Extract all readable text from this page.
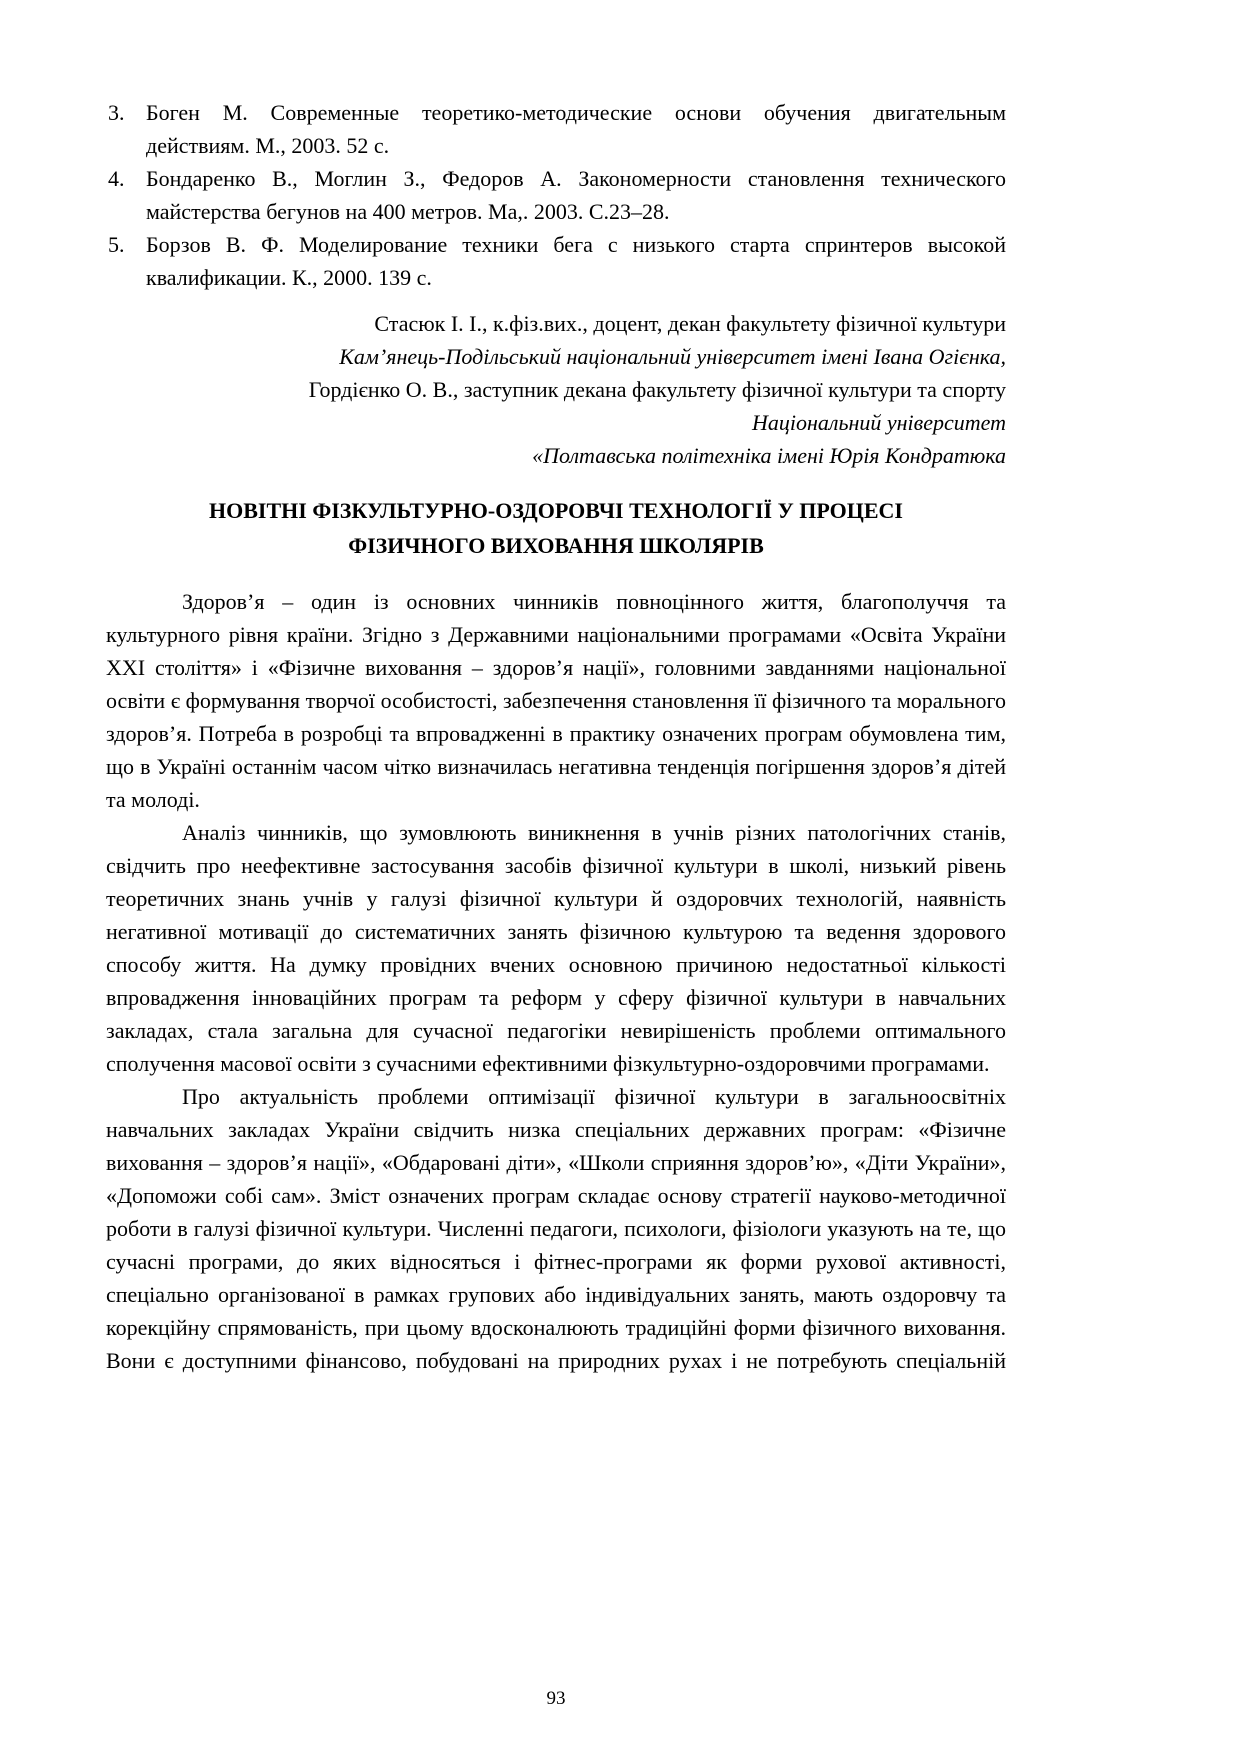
3. Боген М. Современные теоретико-методические основи обучения двигательным действиям. М., 2003. 52 с.
4. Бондаренко В., Моглин З., Федоров А. Закономерности становлення технического майстерства бегунов на 400 метров. Ма,. 2003. С.23–28.
5. Борзов В. Ф. Моделирование техники бега с низького старта спринтеров высокой квалификации. К., 2000. 139 с.
Стасюк І. І., к.фіз.вих., доцент, декан факультету фізичної культури
Кам’янець-Подільський національний університет імені Івана Огієнка,
Гордієнко О. В., заступник декана факультету фізичної культури та спорту
Національний університет
«Полтавська політехніка імені Юрія Кондратюка
НОВІТНІ ФІЗКУЛЬТУРНО-ОЗДОРОВЧІ ТЕХНОЛОГІЇ У ПРОЦЕСІ
ФІЗИЧНОГО ВИХОВАННЯ ШКОЛЯРІВ

Здоров’я – один із основних чинників повноцінного життя, благополуччя та культурного рівня країни. Згідно з Державними національними програмами «Освіта України XXI століття» і «Фізичне виховання – здоров’я нації», головними завданнями національної освіти є формування творчої особистості, забезпечення становлення її фізичного та морального здоров’я. Потреба в розробці та впровадженні в практику означених програм обумовлена тим, що в Україні останнім часом чітко визначилась негативна тенденція погіршення здоров’я дітей та молоді.

Аналіз чинників, що зумовлюють виникнення в учнів різних патологічних станів, свідчить про неефективне застосування засобів фізичної культури в школі, низький рівень теоретичних знань учнів у галузі фізичної культури й оздоровчих технологій, наявність негативної мотивації до систематичних занять фізичною культурою та ведення здорового способу життя. На думку провідних вчених основною причиною недостатньої кількості впровадження інноваційних програм та реформ у сферу фізичної культури в навчальних закладах, стала загальна для сучасної педагогіки невирішеність проблеми оптимального сполучення масової освіти з сучасними ефективними фізкультурно-оздоровчими програмами.

Про актуальність проблеми оптимізації фізичної культури в загальноосвітніх навчальних закладах України свідчить низка спеціальних державних програм: «Фізичне виховання – здоров’я нації», «Обдаровані діти», «Школи сприяння здоров’ю», «Діти України», «Допоможи собі сам». Зміст означених програм складає основу стратегії науково-методичної роботи в галузі фізичної культури. Численні педагоги, психологи, фізіологи указують на те, що сучасні програми, до яких відносяться і фітнес-програми як форми рухової активності, спеціально організованої в рамках групових або індивідуальних занять, мають оздоровчу та корекційну спрямованість, при цьому вдосконалюють традиційні форми фізичного виховання. Вони є доступними фінансово, побудовані на природних рухах і не потребують спеціальній

93
